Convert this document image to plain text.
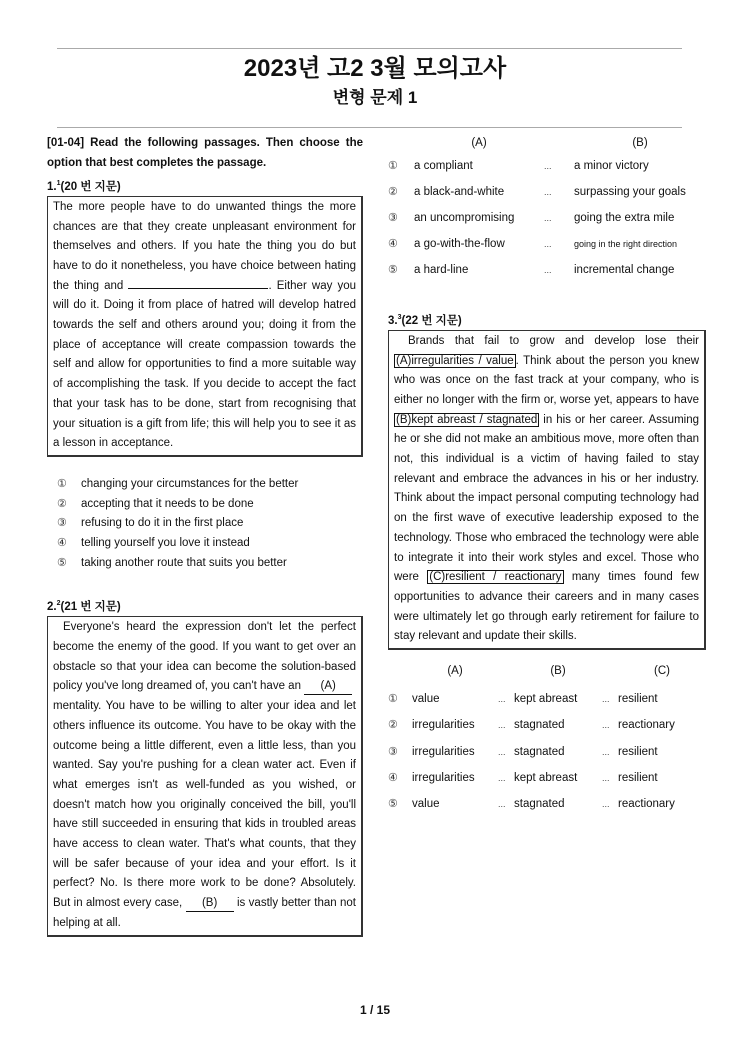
2023년 고2 3월 모의고사
변형 문제 1
[01-04] Read the following passages. Then choose the option that best completes the passage.
1.$^1$(20 번 지문)
The more people have to do unwanted things the more chances are that they create unpleasant environment for themselves and others. If you hate the thing you do but have to do it nonetheless, you have choice between hating the thing and	. Either way you will do it. Doing it from place of hatred will develop hatred towards the self and others around you; doing it from the place of acceptance will create compassion towards the self and allow for opportunities to find a more suitable way of accomplishing the task. If you decide to accept the fact that your task has to be done, start from recognising that your situation is a gift from life; this will help you to see it as a lesson in acceptance.
①	changing your circumstances for the better
②	accepting that it needs to be done
③	refusing to do it in the first place
④	telling yourself you love it instead
⑤	taking another route that suits you better
2.$^2$(21 번 지문)
Everyone's heard the expression don't let the perfect become the enemy of the good. If you want to get over an obstacle so that your idea can become the solution-based policy you've long dreamed of, you can't have an (A)
mentality. You have to be willing to alter your idea and let others influence its outcome. You have to be okay with the outcome being a little different, even a little less, than you wanted. Say you're pushing for a clean water act. Even if what emerges isn't as well-funded as you wished, or doesn't match how you originally conceived the bill, you'll have still succeeded in ensuring that kids in troubled areas have access to clean water. That's what counts, that they will be safer because of your idea and your effort. Is it perfect? No. Is there more work to be done? Absolutely. But in almost every case, (B) is vastly better than not helping at all.
(A)	(B)
①	a compliant	...	a minor victory
②	a black-and-white	...	surpassing your goals
③	an uncompromising	...	going the extra mile
④	a go-with-the-flow	...	going in the right direction
⑤	a hard-line	...	incremental change
3.$^3$(22 번 지문)
Brands that fail to grow and develop lose their (A)irregularities / value . Think about the person you knew who was once on the fast track at your company, who is either no longer with the firm or, worse yet, appears to have (B)kept abreast / stagnated in his or her career. Assuming he or she did not make an ambitious move, more often than not, this individual is a victim of having failed to stay relevant and embrace the advances in his or her industry. Think about the impact personal computing technology had on the first wave of executive leadership exposed to the technology. Those who embraced the technology were able to integrate it into their work styles and excel. Those who were (C)resilient / reactionary many times found few opportunities to advance their careers and in many cases were ultimately let go through early retirement for failure to stay relevant and update their skills.
(A)	(B)	(C)
①	value	... kept abreast	... resilient
②	irregularities	... stagnated	... reactionary
③	irregularities	... stagnated	... resilient
④	irregularities	... kept abreast	... resilient
⑤	value	... stagnated	... reactionary
1 / 15
